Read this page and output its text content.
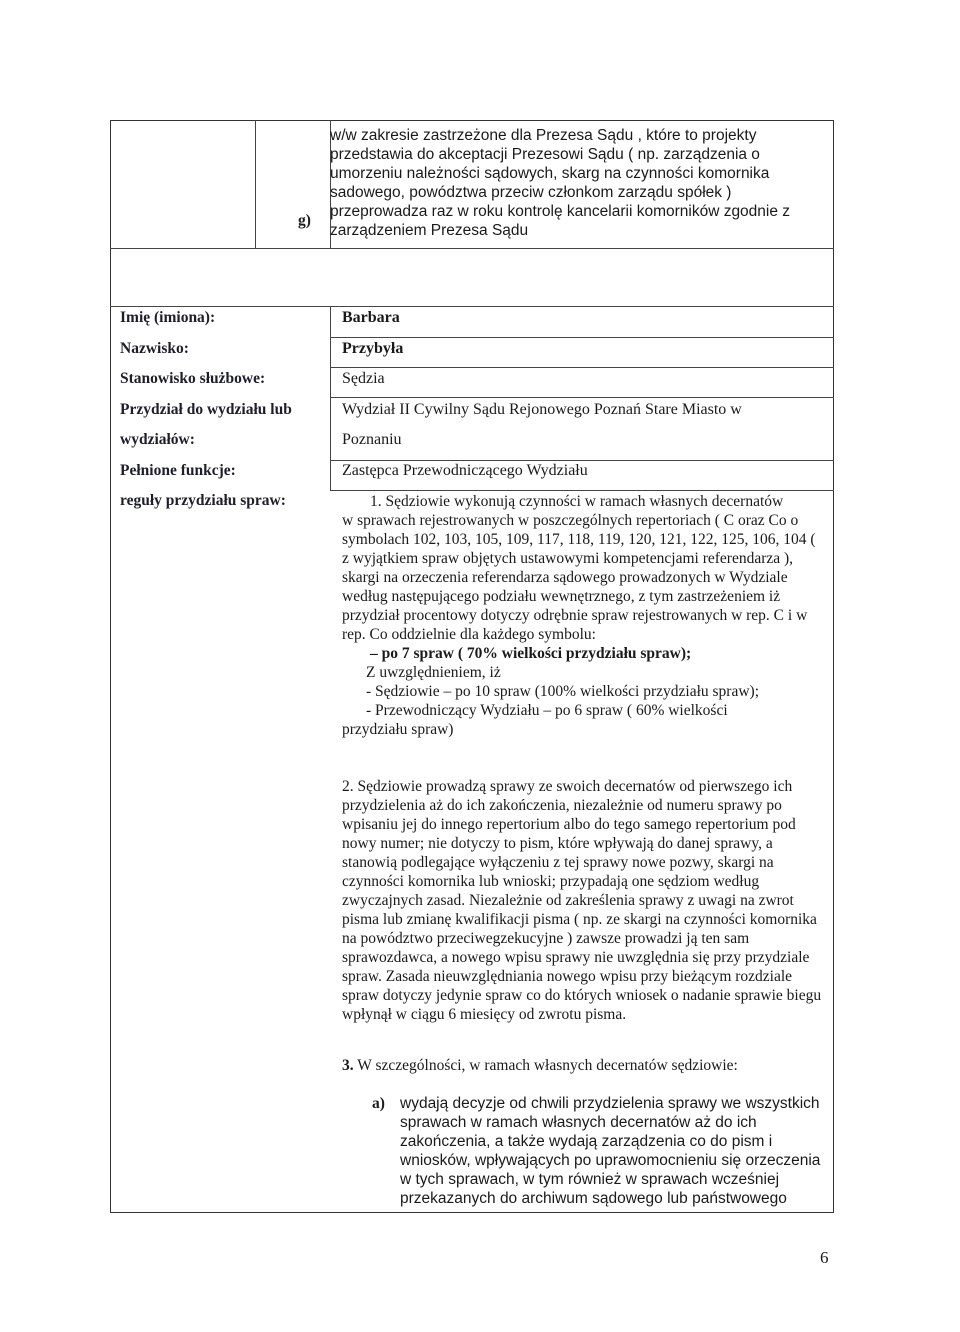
g)
w/w zakresie zastrzeżone dla Prezesa Sądu , które to projekty
przedstawia do akceptacji Prezesowi Sądu ( np. zarządzenia o
umorzeniu należności sądowych, skarg na czynności komornika
sadowego, powództwa przeciw członkom zarządu spółek )
przeprowadza raz w roku kontrolę kancelarii komorników zgodnie z
zarządzeniem Prezesa Sądu
Imię (imiona):
Nazwisko:
Stanowisko służbowe:
Przydział do wydziału lub
wydziałów:
Pełnione funkcje:
reguły przydziału spraw:
Barbara
Przybyła
Sędzia
Wydział II Cywilny Sądu Rejonowego Poznań Stare Miasto w
Poznaniu
Zastępca Przewodniczącego Wydziału
1. Sędziowie wykonują czynności w ramach własnych decernatów
w sprawach rejestrowanych w poszczególnych repertoriach ( C oraz Co o
symbolach 102, 103, 105, 109, 117, 118, 119, 120, 121, 122, 125, 106, 104 (
z wyjątkiem spraw objętych ustawowymi kompetencjami referendarza ),
skargi na orzeczenia referendarza sądowego prowadzonych w Wydziale
według następującego podziału wewnętrznego, z tym zastrzeżeniem iż
przydział procentowy dotyczy odrębnie spraw rejestrowanych w rep. C i w
rep. Co oddzielnie dla każdego symbolu:
– po 7 spraw ( 70% wielkości przydziału spraw);
Z uwzględnieniem, iż
- Sędziowie – po 10 spraw (100% wielkości przydziału spraw);
- Przewodniczący Wydziału – po 6 spraw ( 60% wielkości
przydziału spraw)
2. Sędziowie prowadzą sprawy ze swoich decernatów od pierwszego ich
przydzielenia aż do ich zakończenia, niezależnie od numeru sprawy po
wpisaniu jej do innego repertorium albo do tego samego repertorium pod
nowy numer; nie dotyczy to pism, które wpływają do danej sprawy, a
stanowią podlegające wyłączeniu z tej sprawy nowe pozwy, skargi na
czynności komornika lub wnioski; przypadają one sędziom według
zwyczajnych zasad. Niezależnie od zakreślenia sprawy z uwagi na zwrot
pisma lub zmianę kwalifikacji pisma ( np. ze skargi na czynności komornika
na powództwo przeciwegzekucyjne ) zawsze prowadzi ją ten sam
sprawozdawca, a nowego wpisu sprawy nie uwzględnia się przy przydziale
spraw. Zasada nieuwzględniania nowego wpisu przy bieżącym rozdziale
spraw dotyczy jedynie spraw co do których wniosek o nadanie sprawie biegu
wpłynął w ciągu 6 miesięcy od zwrotu pisma.
3. W szczególności, w ramach własnych decernatów sędziowie:
a) wydają decyzje od chwili przydzielenia sprawy we wszystkich
sprawach w ramach własnych decernatów aż do ich
zakończenia, a także wydają zarządzenia co do pism i
wniosków, wpływających po uprawomocnieniu się orzeczenia
w tych sprawach, w tym również w sprawach wcześniej
przekazanych do archiwum sądowego lub państwowego
6
